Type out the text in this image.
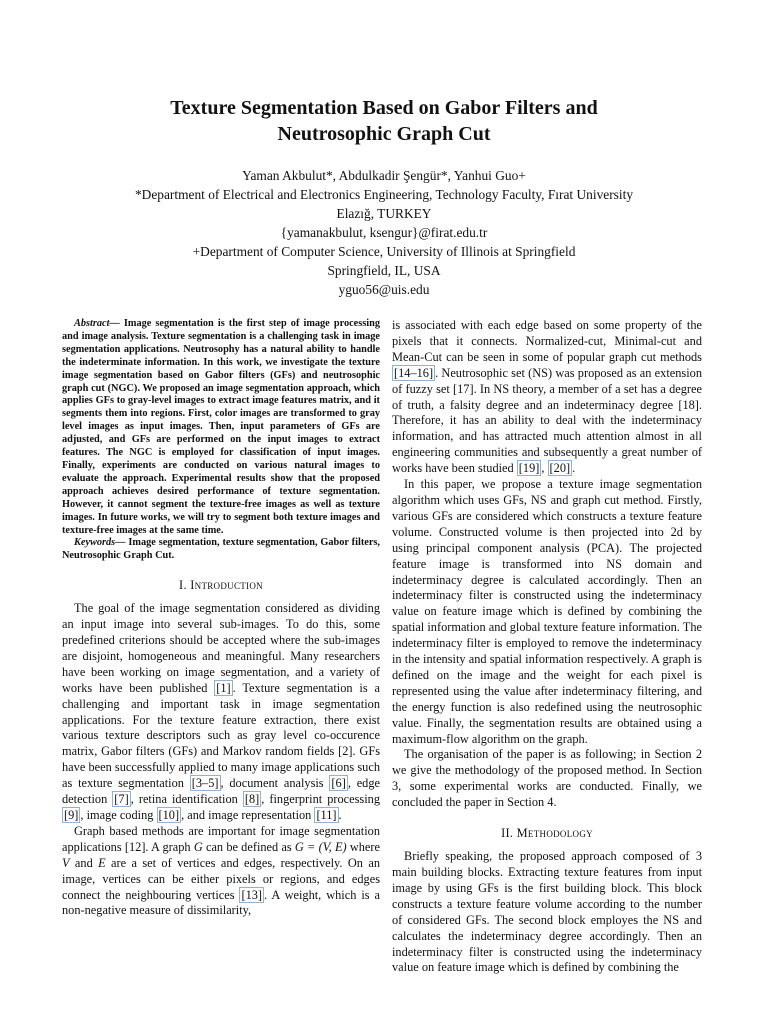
Texture Segmentation Based on Gabor Filters and
Neutrosophic Graph Cut
Yaman Akbulut*, Abdulkadir Şengür*, Yanhui Guo+
*Department of Electrical and Electronics Engineering, Technology Faculty, Fırat University
Elazığ, TURKEY
{yamanakbulut, ksengur}@firat.edu.tr
+Department of Computer Science, University of Illinois at Springfield
Springfield, IL, USA
yguo56@uis.edu

Abstract— Image segmentation is the first step of image processing and image analysis. Texture segmentation is a challenging task in image segmentation applications. Neutrosophy has a natural ability to handle the indeterminate information. In this work, we investigate the texture image segmentation based on Gabor filters (GFs) and neutrosophic graph cut (NGC). We proposed an image segmentation approach, which applies GFs to gray-level images to extract image features matrix, and it segments them into regions. First, color images are transformed to gray level images as input images. Then, input parameters of GFs are adjusted, and GFs are performed on the input images to extract features. The NGC is employed for classification of input images. Finally, experiments are conducted on various natural images to evaluate the approach. Experimental results show that the proposed approach achieves desired performance of texture segmentation. However, it cannot segment the texture-free images as well as texture images. In future works, we will try to segment both texture images and texture-free images at the same time.

Keywords— Image segmentation, texture segmentation, Gabor filters, Neutrosophic Graph Cut.

I. Introduction

The goal of the image segmentation considered as dividing an input image into several sub-images. To do this, some predefined criterions should be accepted where the sub-images are disjoint, homogeneous and meaningful. Many researchers have been working on image segmentation, and a variety of works have been published [1] . Texture segmentation is a challenging and important task in image segmentation applications. For the texture feature extraction, there exist various texture descriptors such as gray level co-occurence matrix, Gabor filters (GFs) and Markov random fields [2]. GFs have been successfully applied to many image applications such as texture segmentation [3–5] , document analysis [6] , edge detection [7] , retina identification [8] , fingerprint processing [9] , image coding [10] , and image representation [11] .

Graph based methods are important for image segmentation applications [12]. A graph G can be defined as G = (V, E) where V and E are a set of vertices and edges, respectively. On an image, vertices can be either pixels or regions, and edges connect the neighbouring vertices [13] . A weight, which is a non-negative measure of dissimilarity,

is associated with each edge based on some property of the pixels that it connects. Normalized-cut, Minimal-cut and Mean-Cut can be seen in some of popular graph cut methods [14–16] . Neutrosophic set (NS) was proposed as an extension of fuzzy set [17]. In NS theory, a member of a set has a degree of truth, a falsity degree and an indeterminacy degree [18]. Therefore, it has an ability to deal with the indeterminacy information, and has attracted much attention almost in all engineering communities and subsequently a great number of works have been studied [19] , [20] .

In this paper, we propose a texture image segmentation algorithm which uses GFs, NS and graph cut method. Firstly, various GFs are considered which constructs a texture feature volume. Constructed volume is then projected into 2d by using principal component analysis (PCA). The projected feature image is transformed into NS domain and indeterminacy degree is calculated accordingly. Then an indeterminacy filter is constructed using the indeterminacy value on feature image which is defined by combining the spatial information and global texture feature information. The indeterminacy filter is employed to remove the indeterminacy in the intensity and spatial information respectively. A graph is defined on the image and the weight for each pixel is represented using the value after indeterminacy filtering, and the energy function is also redefined using the neutrosophic value. Finally, the segmentation results are obtained using a maximum-flow algorithm on the graph.

The organisation of the paper is as following; in Section 2 we give the methodology of the proposed method. In Section 3, some experimental works are conducted. Finally, we concluded the paper in Section 4.

II. Methodology

Briefly speaking, the proposed approach composed of 3 main building blocks. Extracting texture features from input image by using GFs is the first building block. This block constructs a texture feature volume according to the number of considered GFs. The second block employes the NS and calculates the indeterminacy degree accordingly. Then an indeterminacy filter is constructed using the indeterminacy value on feature image which is defined by combining the
